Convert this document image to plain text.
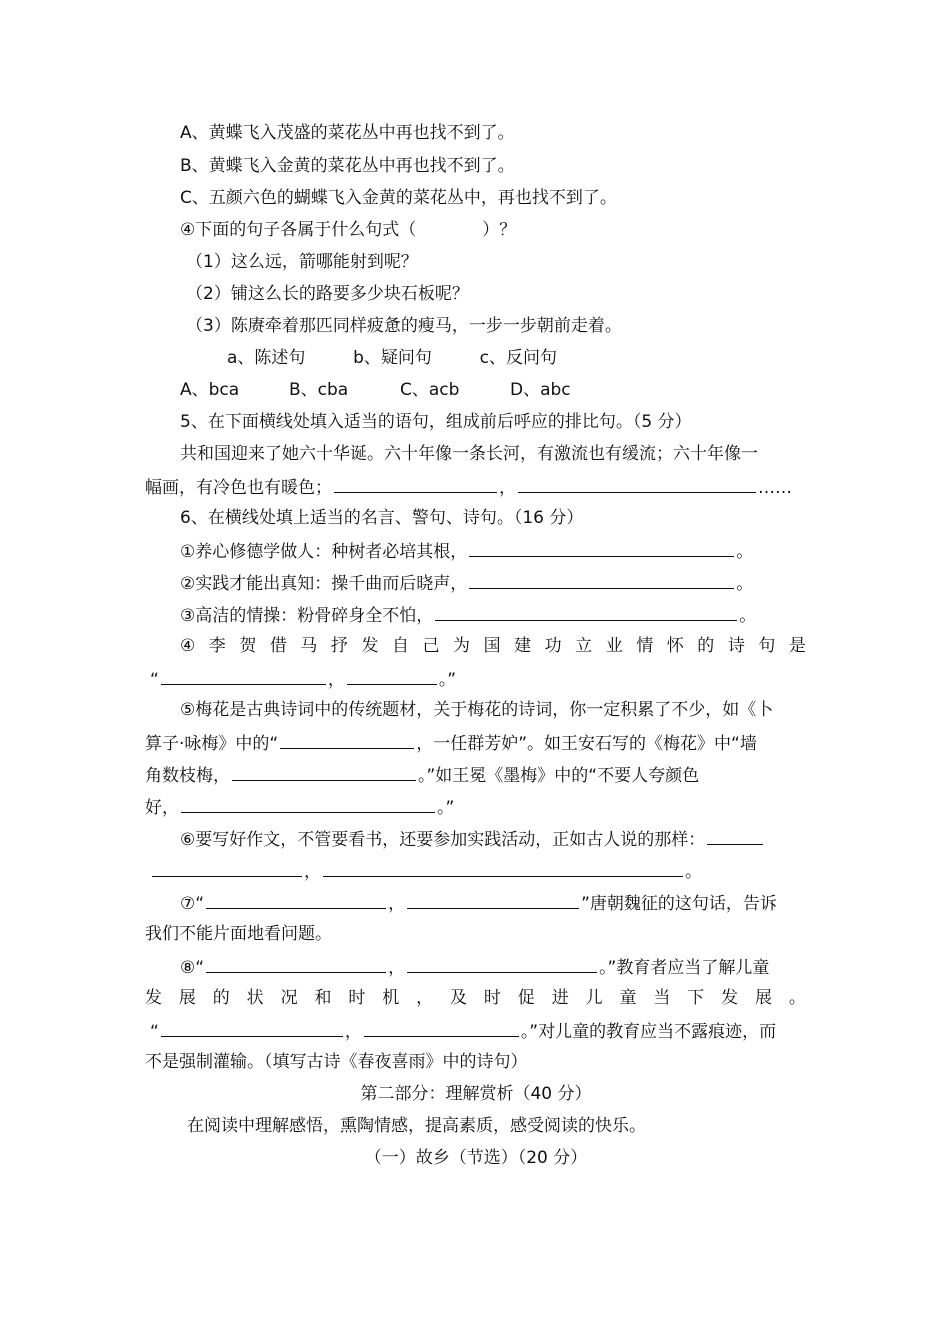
A、黄蝶飞入茂盛的菜花丛中再也找不到了。
B、黄蝶飞入金黄的菜花丛中再也找不到了。
C、五颜六色的蝴蝶飞入金黄的菜花丛中，再也找不到了。
④下面的句子各属于什么句式（	）？
（1）这么远，箭哪能射到呢？
（2）铺这么长的路要多少块石板呢？
（3）陈赓牵着那匹同样疲惫的瘦马，一步一步朝前走着。
a、陈述句	b、疑问句	c、反问句
A、bca	B、cba	C、acb	D、abc
5、在下面横线处填入适当的语句，组成前后呼应的排比句。（5 分）
共和国迎来了她六十华诞。六十年像一条长河，有激流也有缓流；六十年像一
幅画，有冷色也有暖色；	，	……
6、在横线处填上适当的名言、警句、诗句。（16 分）
①养心修德学做人：种树者必培其根，	。
②实践才能出真知：操千曲而后晓声，	。
③高洁的情操：粉骨碎身全不怕，	。
④ 李 贺 借 马 抒 发 自 己 为 国 建 功 立 业 情 怀 的 诗 句 是
“	，	。”
⑤梅花是古典诗词中的传统题材，关于梅花的诗词，你一定积累了不少，如《卜
算子·咏梅》中的“	，一任群芳妒”。如王安石写的《梅花》中“墙
角数枝梅，	。”如王冕《墨梅》中的“不要人夸颜色
好，	。”
⑥要写好作文，不管要看书，还要参加实践活动，正如古人说的那样：
，	。
⑦“	，	”唐朝魏征的这句话，告诉
我们不能片面地看问题。
⑧“	，	。”教育者应当了解儿童
发 展 的 状 况 和 时 机 ， 及 时 促 进 儿 童 当 下 发 展 。
“	，	。”对儿童的教育应当不露痕迹，而
不是强制灌输。（填写古诗《春夜喜雨》中的诗句）
第二部分：理解赏析（40 分）
在阅读中理解感悟，熏陶情感，提高素质，感受阅读的快乐。
（一）故乡（节选）（20 分）
